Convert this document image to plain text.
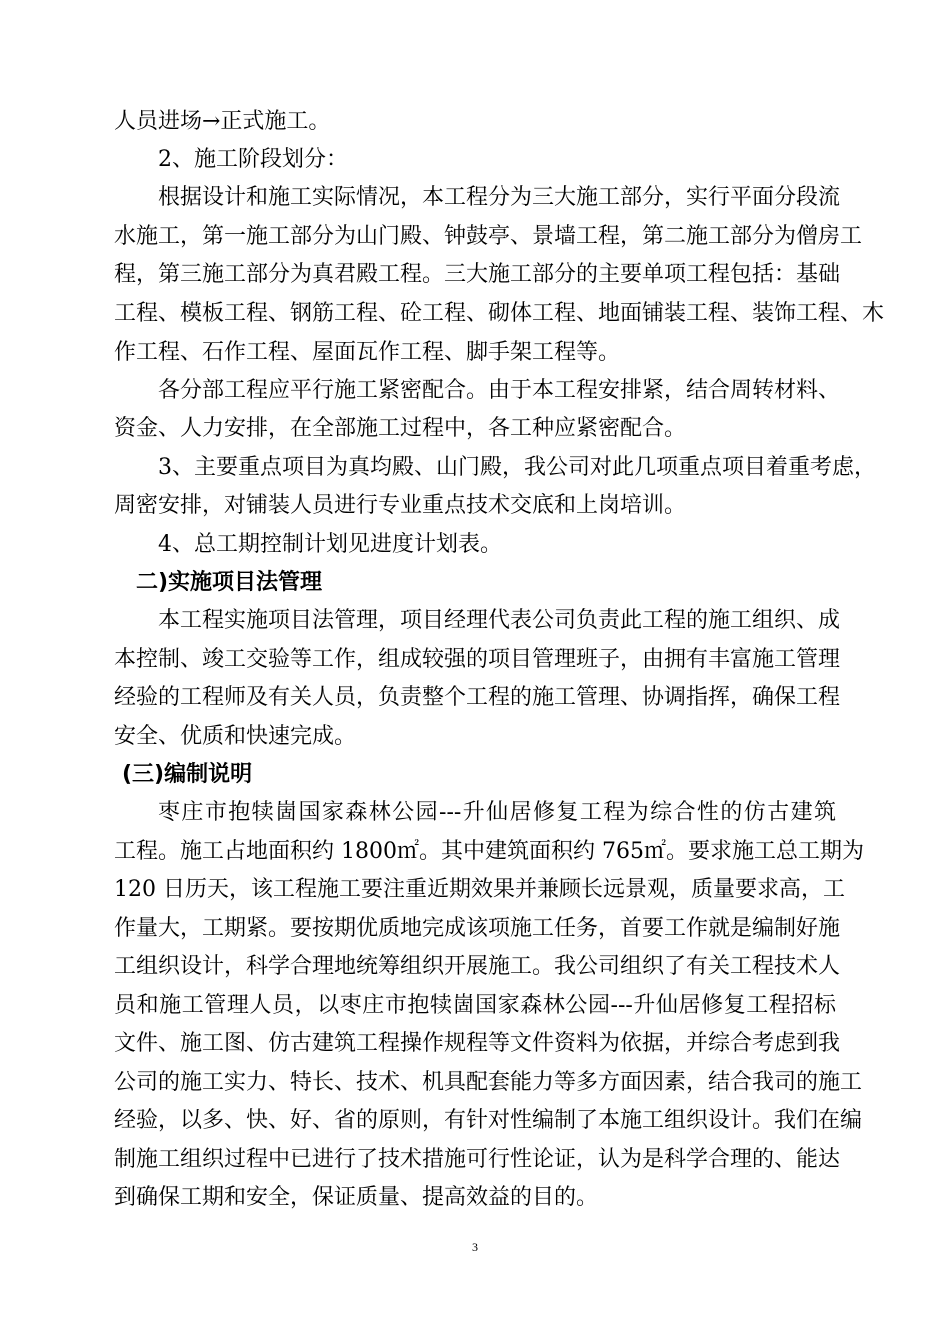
人员进场→正式施工。
2、施工阶段划分：
根据设计和施工实际情况，本工程分为三大施工部分，实行平面分段流
水施工，第一施工部分为山门殿、钟鼓亭、景墙工程，第二施工部分为僧房工
程，第三施工部分为真君殿工程。三大施工部分的主要单项工程包括：基础
工程、模板工程、钢筋工程、砼工程、砌体工程、地面铺装工程、装饰工程、木
作工程、石作工程、屋面瓦作工程、脚手架工程等。
各分部工程应平行施工紧密配合。由于本工程安排紧，结合周转材料、
资金、人力安排，在全部施工过程中，各工种应紧密配合。
3、主要重点项目为真均殿、山门殿，我公司对此几项重点项目着重考虑，
周密安排，对铺装人员进行专业重点技术交底和上岗培训。
4、总工期控制计划见进度计划表。
二)实施项目法管理
本工程实施项目法管理，项目经理代表公司负责此工程的施工组织、成
本控制、竣工交验等工作，组成较强的项目管理班子，由拥有丰富施工管理
经验的工程师及有关人员，负责整个工程的施工管理、协调指挥，确保工程
安全、优质和快速完成。
(三)编制说明
枣庄市抱犊崮国家森林公园---升仙居修复工程为综合性的仿古建筑
工程。施工占地面积约 1800㎡。其中建筑面积约 765㎡。要求施工总工期为
120 日历天，该工程施工要注重近期效果并兼顾长远景观，质量要求高，工
作量大，工期紧。要按期优质地完成该项施工任务，首要工作就是编制好施
工组织设计，科学合理地统筹组织开展施工。我公司组织了有关工程技术人
员和施工管理人员，以枣庄市抱犊崮国家森林公园---升仙居修复工程招标
文件、施工图、仿古建筑工程操作规程等文件资料为依据，并综合考虑到我
公司的施工实力、特长、技术、机具配套能力等多方面因素，结合我司的施工
经验，以多、快、好、省的原则，有针对性编制了本施工组织设计。我们在编
制施工组织过程中已进行了技术措施可行性论证，认为是科学合理的、能达
到确保工期和安全，保证质量、提高效益的目的。
3
